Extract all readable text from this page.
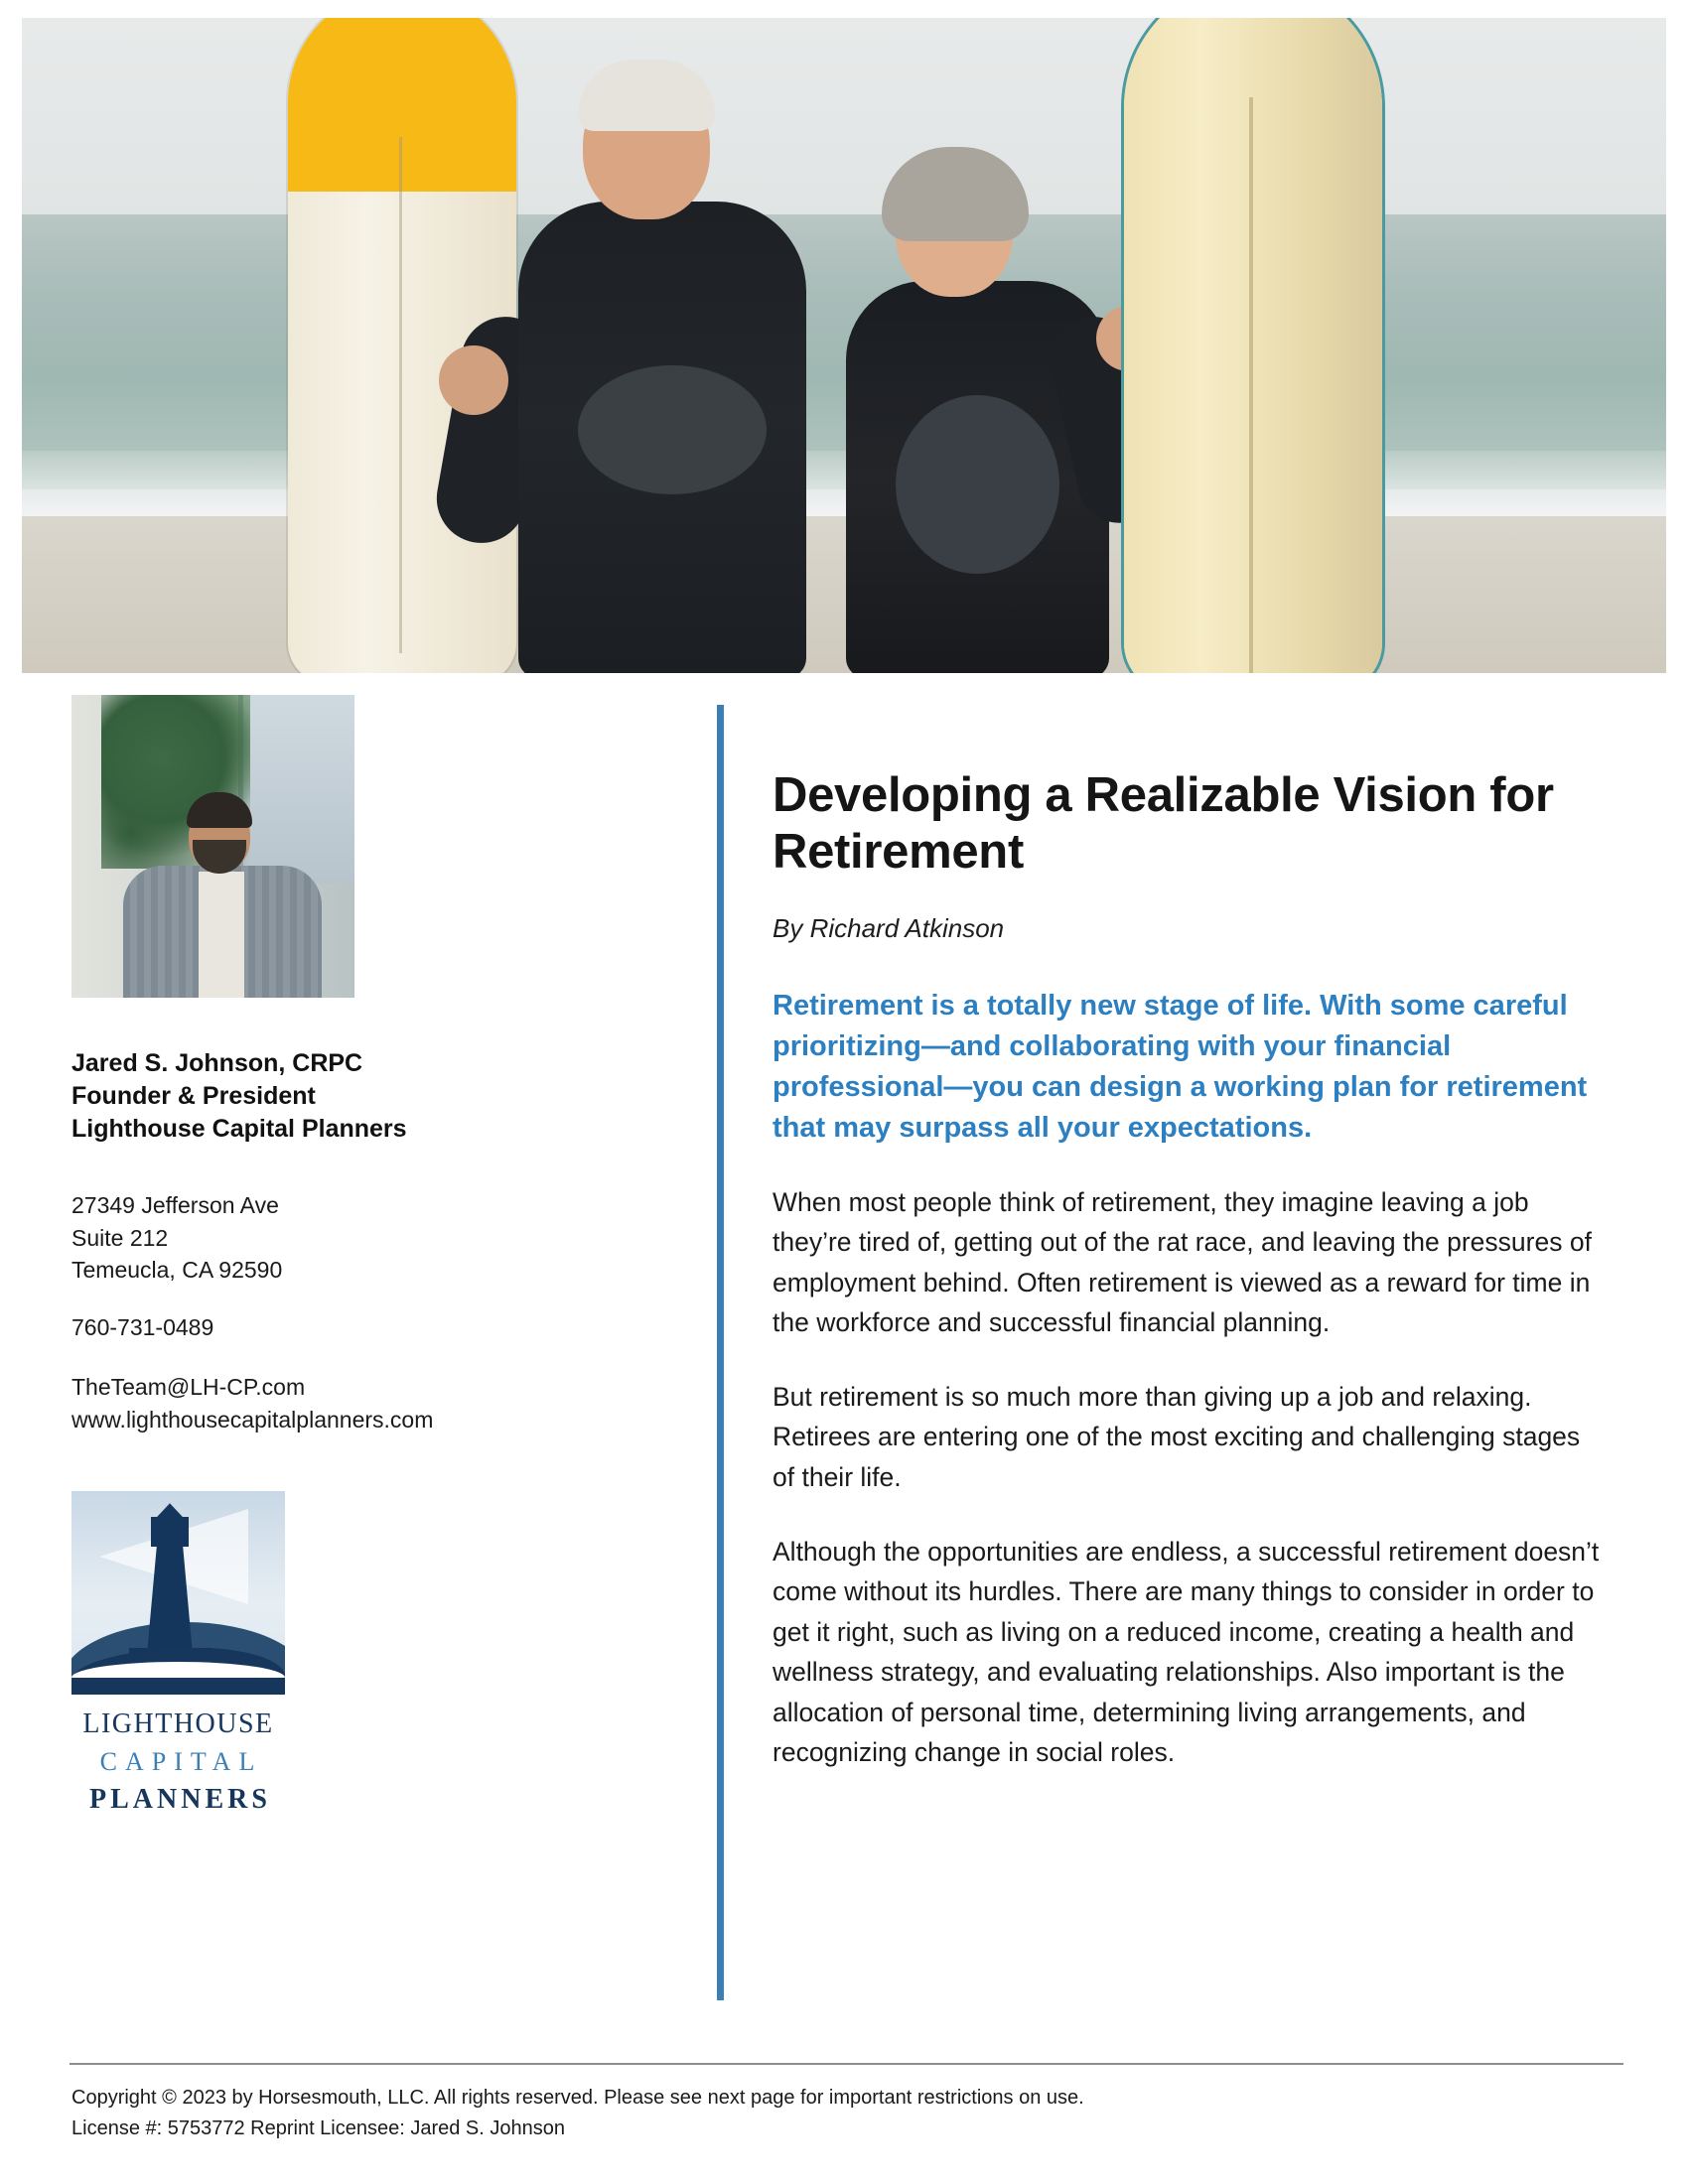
Jared S. Johnson, CRPC
Founder & President
Lighthouse Capital Planners
27349 Jefferson Ave
Suite 212
Temeucla, CA 92590
760-731-0489
TheTeam@LH-CP.com
www.lighthousecapitalplanners.com
LIGHTHOUSE
CAPITAL
PLANNERS
Developing a Realizable Vision for Retirement
By Richard Atkinson
Retirement is a totally new stage of life. With some careful prioritizing—and collaborating with your financial professional—you can design a working plan for retirement that may surpass all your expectations.

When most people think of retirement, they imagine leaving a job they’re tired of, getting out of the rat race, and leaving the pressures of employment behind. Often retirement is viewed as a reward for time in the workforce and successful financial planning.

But retirement is so much more than giving up a job and relaxing. Retirees are entering one of the most exciting and challenging stages of their life.

Although the opportunities are endless, a successful retirement doesn’t come without its hurdles. There are many things to consider in order to get it right, such as living on a reduced income, creating a health and wellness strategy, and evaluating relationships. Also important is the allocation of personal time, determining living arrangements, and recognizing change in social roles.

Copyright © 2023 by Horsesmouth, LLC. All rights reserved. Please see next page for important restrictions on use.
License #: 5753772 Reprint Licensee: Jared S. Johnson
